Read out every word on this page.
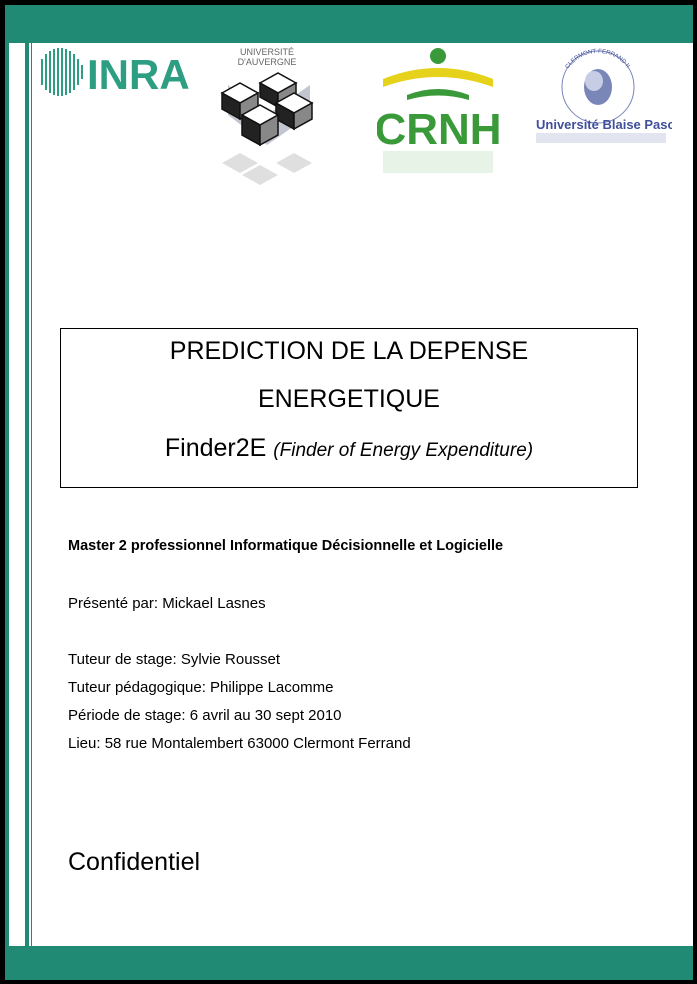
INRA	UNIVERSITÉ
D'AUVERGNE
CRNH
CLERMONT-FERRAND II
Université Blaise Pascal
PREDICTION DE LA DEPENSE
ENERGETIQUE
Finder2E (Finder of Energy Expenditure)
Master 2 professionnel Informatique Décisionnelle et Logicielle
Présenté par: Mickael Lasnes
Tuteur de stage: Sylvie Rousset
Tuteur pédagogique: Philippe Lacomme
Période de stage: 6 avril au 30 sept 2010
Lieu: 58 rue Montalembert 63000 Clermont Ferrand
Confidentiel
